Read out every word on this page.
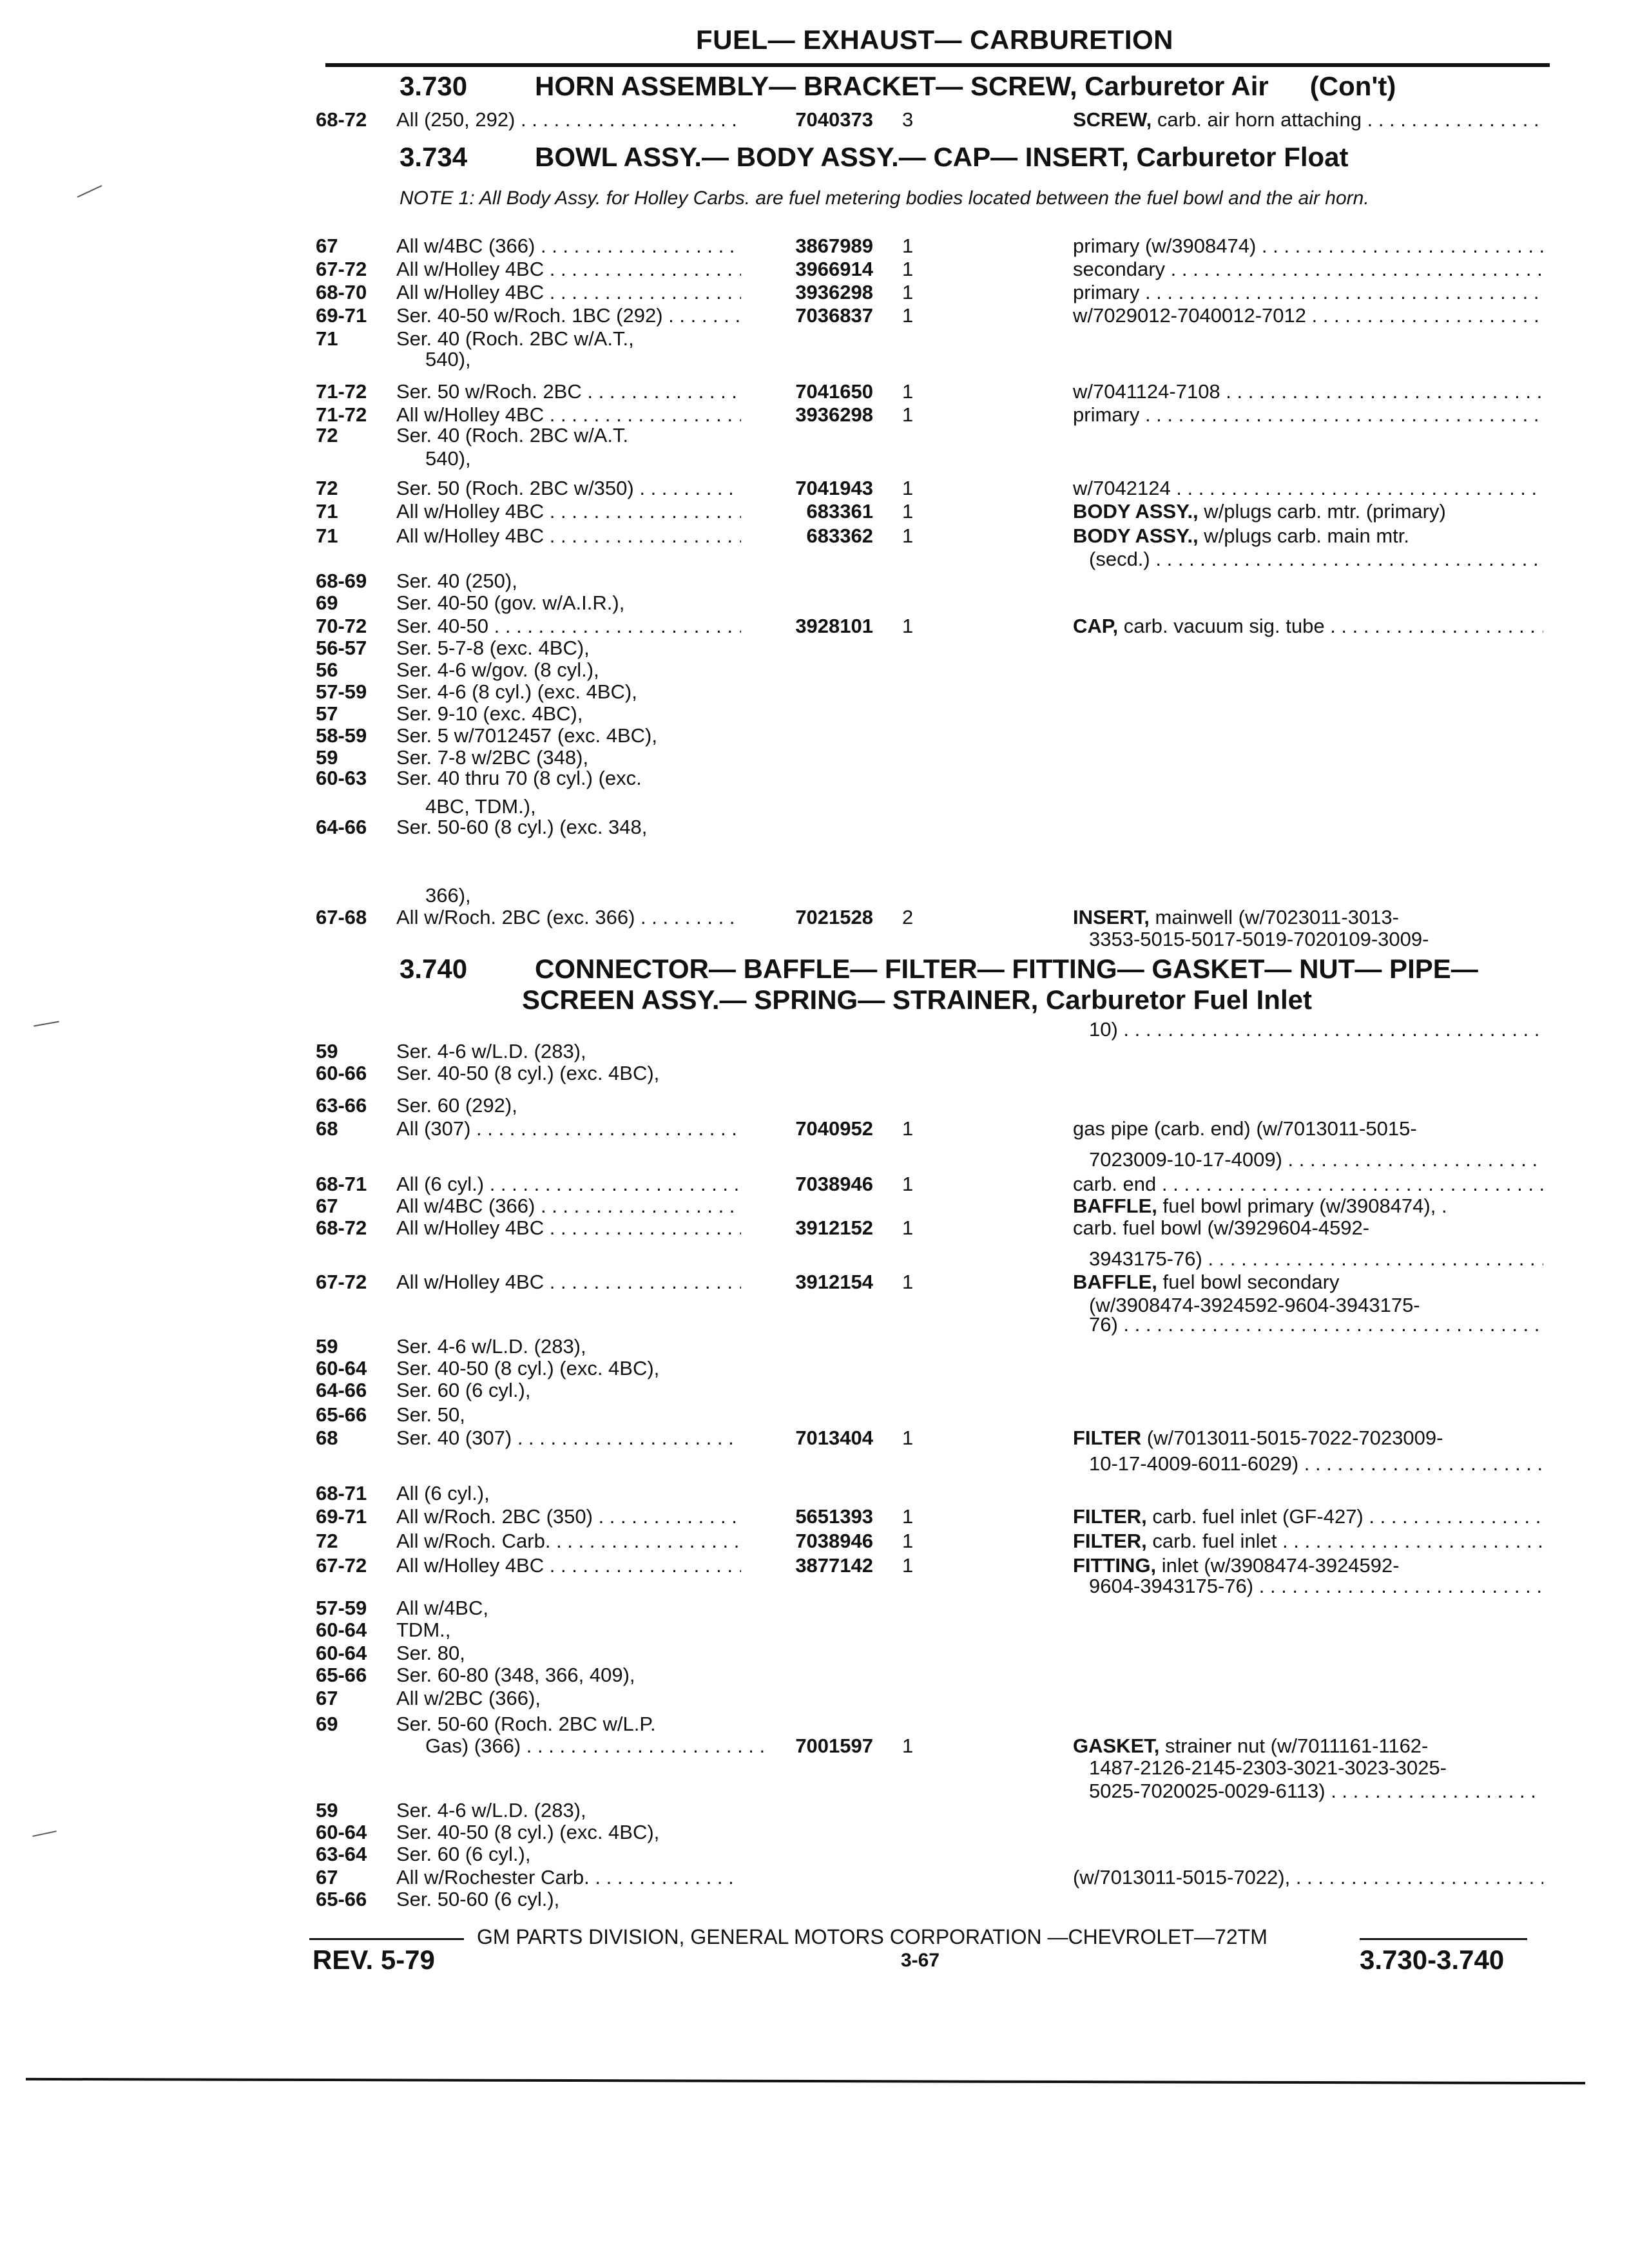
FUEL— EXHAUST— CARBURETION
3.730 HORN ASSEMBLY— BRACKET— SCREW, Carburetor Air (Con't)
3.734 BOWL ASSY.— BODY ASSY.— CAP— INSERT, Carburetor Float
NOTE 1: All Body Assy. for Holley Carbs. are fuel metering bodies located between the fuel bowl and the air horn.
3.740 CONNECTOR— BAFFLE— FILTER— FITTING— GASKET— NUT— PIPE—
SCREEN ASSY.— SPRING— STRAINER, Carburetor Fuel Inlet
68-72 All (250, 292) . . .	7040373 3	SCREW, carb. air horn attaching . . .
67	All w/4BC (366) . . .	3867989 1	primary (w/3908474) . . .
67-72 All w/Holley 4BC . . .	3966914 1	secondary . . .
68-70 All w/Holley 4BC . . .	3936298 1	primary . . .
69-71 Ser. 40-50 w/Roch. 1BC (292) . . .	7036837 1	w/7029012-7040012-7012 . . .
71	Ser. 40 (Roch. 2BC w/A.T.,
540),
71-72 Ser. 50 w/Roch. 2BC . . .	7041650 1	w/7041124-7108 . . .
71-72 All w/Holley 4BC . . .	3936298 1	primary . . .
72	Ser. 40 (Roch. 2BC w/A.T.
540),
72	Ser. 50 (Roch. 2BC w/350) . . .	7041943 1	w/7042124 . . .
71	All w/Holley 4BC . . .	683361 1	BODY ASSY., w/plugs carb. mtr. (primary)
71	All w/Holley 4BC . . .	683362 1	BODY ASSY., w/plugs carb. main mtr.
(secd.) . . .
68-69 Ser. 40 (250),
69	Ser. 40-50 (gov. w/A.I.R.),
70-72 Ser. 40-50 . . .	3928101 1	CAP, carb. vacuum sig. tube . . .
56-57 Ser. 5-7-8 (exc. 4BC),
56	Ser. 4-6 w/gov. (8 cyl.),
57-59 Ser. 4-6 (8 cyl.) (exc. 4BC),
57	Ser. 9-10 (exc. 4BC),
58-59 Ser. 5 w/7012457 (exc. 4BC),
59	Ser. 7-8 w/2BC (348),
60-63 Ser. 40 thru 70 (8 cyl.) (exc.
4BC, TDM.),
64-66 Ser. 50-60 (8 cyl.) (exc. 348,
366),
67-68 All w/Roch. 2BC (exc. 366) . . .	7021528 2	INSERT, mainwell (w/7023011-3013-
3353-5015-5017-5019-7020109-3009-
10) . . .
59	Ser. 4-6 w/L.D. (283),
60-66 Ser. 40-50 (8 cyl.) (exc. 4BC),
63-66 Ser. 60 (292),
68	All (307) . . .	7040952 1	gas pipe (carb. end) (w/7013011-5015-
7023009-10-17-4009) . . .
68-71 All (6 cyl.) . . .	7038946 1	carb. end . . .
67	All w/4BC (366) . . .	BAFFLE, fuel bowl primary (w/3908474), .
68-72 All w/Holley 4BC . . .	3912152 1	carb. fuel bowl (w/3929604-4592-
3943175-76) . . .
67-72 All w/Holley 4BC . . .	3912154 1	BAFFLE, fuel bowl secondary
(w/3908474-3924592-9604-3943175-
76) . . .
59	Ser. 4-6 w/L.D. (283),
60-64 Ser. 40-50 (8 cyl.) (exc. 4BC),
64-66 Ser. 60 (6 cyl.),
65-66 Ser. 50,
68	Ser. 40 (307) . . .	7013404 1	FILTER (w/7013011-5015-7022-7023009-
10-17-4009-6011-6029) . . .
68-71 All (6 cyl.),
69-71 All w/Roch. 2BC (350) . . .	5651393 1	FILTER, carb. fuel inlet (GF-427) . . .
72	All w/Roch. Carb. . . .	7038946 1	FILTER, carb. fuel inlet . . .
67-72 All w/Holley 4BC . . .	3877142 1	FITTING, inlet (w/3908474-3924592-
9604-3943175-76) . . .
57-59 All w/4BC,
60-64 TDM.,
60-64 Ser. 80,
65-66 Ser. 60-80 (348, 366, 409),
67	All w/2BC (366),
69	Ser. 50-60 (Roch. 2BC w/L.P.
Gas) (366) . . .	7001597 1	GASKET, strainer nut (w/7011161-1162-
1487-2126-2145-2303-3021-3023-3025-
5025-7020025-0029-6113) . . .
59	Ser. 4-6 w/L.D. (283),
60-64 Ser. 40-50 (8 cyl.) (exc. 4BC),
63-64 Ser. 60 (6 cyl.),
67	All w/Rochester Carb. . . .	(w/7013011-5015-7022), . . .
65-66 Ser. 50-60 (6 cyl.),
GM PARTS DIVISION, GENERAL MOTORS CORPORATION —CHEVROLET—72TM
REV. 5-79	3-67	3.730-3.740
